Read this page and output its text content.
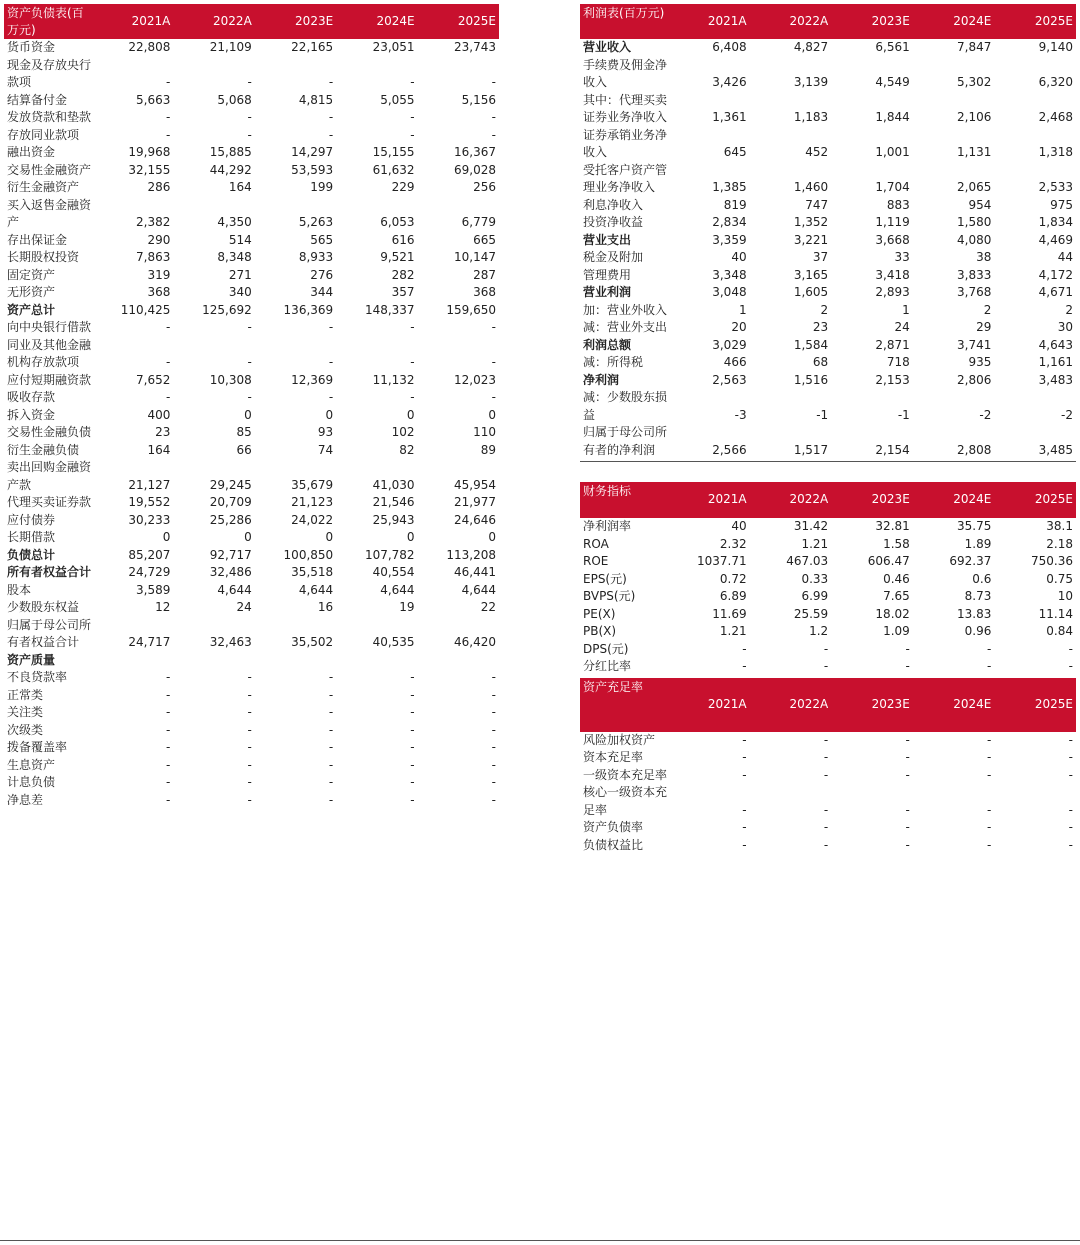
资产负债表(百万元)	2021A	2022A	2023E	2024E	2025E
货币资金	22,808	21,109	22,165	23,051	23,743
现金及存放央行款项	-	-	-	-	-
结算备付金	5,663	5,068	4,815	5,055	5,156
发放贷款和垫款	-	-	-	-	-
存放同业款项	-	-	-	-	-
融出资金	19,968	15,885	14,297	15,155	16,367
交易性金融资产	32,155	44,292	53,593	61,632	69,028
衍生金融资产	286	164	199	229	256
买入返售金融资产	2,382	4,350	5,263	6,053	6,779
存出保证金	290	514	565	616	665
长期股权投资	7,863	8,348	8,933	9,521	10,147
固定资产	319	271	276	282	287
无形资产	368	340	344	357	368
资产总计	110,425	125,692	136,369	148,337	159,650
向中央银行借款	-	-	-	-	-
同业及其他金融机构存放款项	-	-	-	-	-
应付短期融资款	7,652	10,308	12,369	11,132	12,023
吸收存款	-	-	-	-	-
拆入资金	400	0	0	0	0
交易性金融负债	23	85	93	102	110
衍生金融负债	164	66	74	82	89
卖出回购金融资产款	21,127	29,245	35,679	41,030	45,954
代理买卖证券款	19,552	20,709	21,123	21,546	21,977
应付债券	30,233	25,286	24,022	25,943	24,646
长期借款	0	0	0	0	0
负债总计	85,207	92,717	100,850	107,782	113,208
所有者权益合计	24,729	32,486	35,518	40,554	46,441
股本	3,589	4,644	4,644	4,644	4,644
少数股东权益	12	24	16	19	22
归属于母公司所有者权益合计	24,717	32,463	35,502	40,535	46,420
资产质量					
不良贷款率	-	-	-	-	-
正常类	-	-	-	-	-
关注类	-	-	-	-	-
次级类	-	-	-	-	-
拨备覆盖率	-	-	-	-	-
生息资产	-	-	-	-	-
计息负债	-	-	-	-	-
净息差	-	-	-	-	-
利润表(百万元)	2021A	2022A	2023E	2024E	2025E
营业收入	6,408	4,827	6,561	7,847	9,140
手续费及佣金净收入	3,426	3,139	4,549	5,302	6,320
其中：代理买卖证券业务净收入	1,361	1,183	1,844	2,106	2,468
证券承销业务净收入	645	452	1,001	1,131	1,318
受托客户资产管理业务净收入	1,385	1,460	1,704	2,065	2,533
利息净收入	819	747	883	954	975
投资净收益	2,834	1,352	1,119	1,580	1,834
营业支出	3,359	3,221	3,668	4,080	4,469
税金及附加	40	37	33	38	44
管理费用	3,348	3,165	3,418	3,833	4,172
营业利润	3,048	1,605	2,893	3,768	4,671
加：营业外收入	1	2	1	2	2
减：营业外支出	20	23	24	29	30
利润总额	3,029	1,584	2,871	3,741	4,643
减：所得税	466	68	718	935	1,161
净利润	2,563	1,516	2,153	2,806	3,483
减：少数股东损益	-3	-1	-1	-2	-2
归属于母公司所有者的净利润	2,566	1,517	2,154	2,808	3,485
财务指标	2021A	2022A	2023E	2024E	2025E
净利润率	40	31.42	32.81	35.75	38.1
ROA	2.32	1.21	1.58	1.89	2.18
ROE	1037.71	467.03	606.47	692.37	750.36
EPS(元)	0.72	0.33	0.46	0.6	0.75
BVPS(元)	6.89	6.99	7.65	8.73	10
PE(X)	11.69	25.59	18.02	13.83	11.14
PB(X)	1.21	1.2	1.09	0.96	0.84
DPS(元)	-	-	-	-	-
分红比率	-	-	-	-	-
资产充足率	2021A	2022A	2023E	2024E	2025E
风险加权资产	-	-	-	-	-
资本充足率	-	-	-	-	-
一级资本充足率	-	-	-	-	-
核心一级资本充足率	-	-	-	-	-
资产负债率	-	-	-	-	-
负债权益比	-	-	-	-	-
